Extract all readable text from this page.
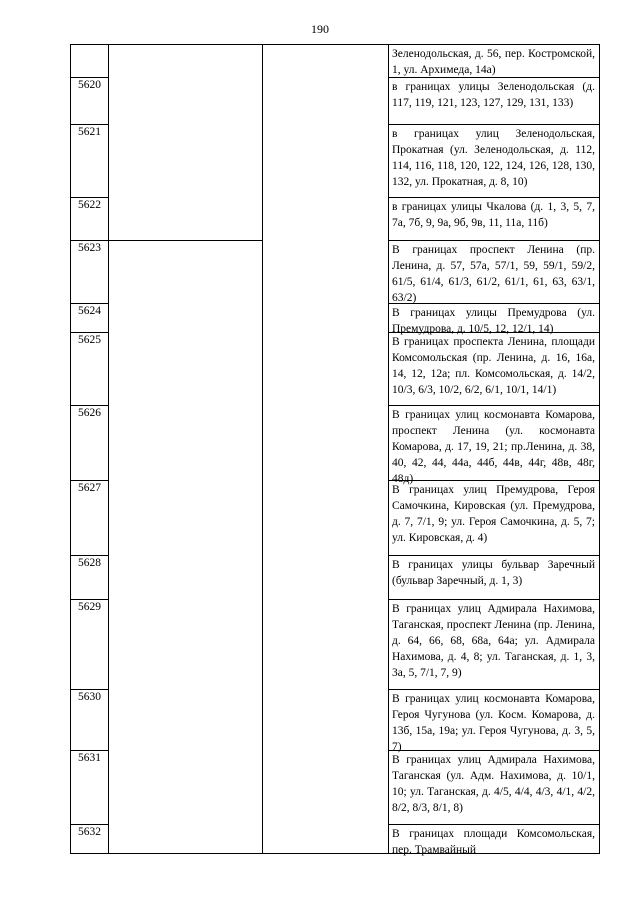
190
Зеленодольская, д. 56, пер. Костромской, 1, ул. Архимеда, 14а)
5620	в границах улицы Зеленодольская (д. 117, 119, 121, 123, 127, 129, 131, 133)
5621	в границах улиц Зеленодольская, Прокатная (ул. Зеленодольская, д. 112, 114, 116, 118, 120, 122, 124, 126, 128, 130, 132, ул. Прокатная, д. 8, 10)
5622	в границах улицы Чкалова (д. 1, 3, 5, 7, 7а, 7б, 9, 9а, 9б, 9в, 11, 11а, 11б)
5623	В границах проспект Ленина (пр. Ленина, д. 57, 57а, 57/1, 59, 59/1, 59/2, 61/5, 61/4, 61/3, 61/2, 61/1, 61, 63, 63/1, 63/2)
5624	В границах улицы Премудрова (ул. Премудрова, д. 10/5, 12, 12/1, 14)
5625	В границах проспекта Ленина, площади Комсомольская (пр. Ленина, д. 16, 16а, 14, 12, 12а; пл. Комсомольская, д. 14/2, 10/3, 6/3, 10/2, 6/2, 6/1, 10/1, 14/1)
5626	В границах улиц космонавта Комарова, проспект Ленина (ул. космонавта Комарова, д. 17, 19, 21; пр.Ленина, д. 38, 40, 42, 44, 44а, 44б, 44в, 44г, 48в, 48г, 48д)
5627	В границах улиц Премудрова, Героя Самочкина, Кировская (ул. Премудрова, д. 7, 7/1, 9; ул. Героя Самочкина, д. 5, 7; ул. Кировская, д. 4)
5628	В границах улицы бульвар Заречный (бульвар Заречный, д. 1, 3)
5629	В границах улиц Адмирала Нахимова, Таганская, проспект Ленина (пр. Ленина, д. 64, 66, 68, 68а, 64а; ул. Адмирала Нахимова, д. 4, 8; ул. Таганская, д. 1, 3, 3а, 5, 7/1, 7, 9)
5630	В границах улиц космонавта Комарова, Героя Чугунова (ул. Косм. Комарова, д. 13б, 15а, 19а; ул. Героя Чугунова, д. 3, 5, 7)
5631	В границах улиц Адмирала Нахимова, Таганская (ул. Адм. Нахимова, д. 10/1, 10; ул. Таганская, д. 4/5, 4/4, 4/3, 4/1, 4/2, 8/2, 8/3, 8/1, 8)
5632	В границах площади Комсомольская, пер. Трамвайный
